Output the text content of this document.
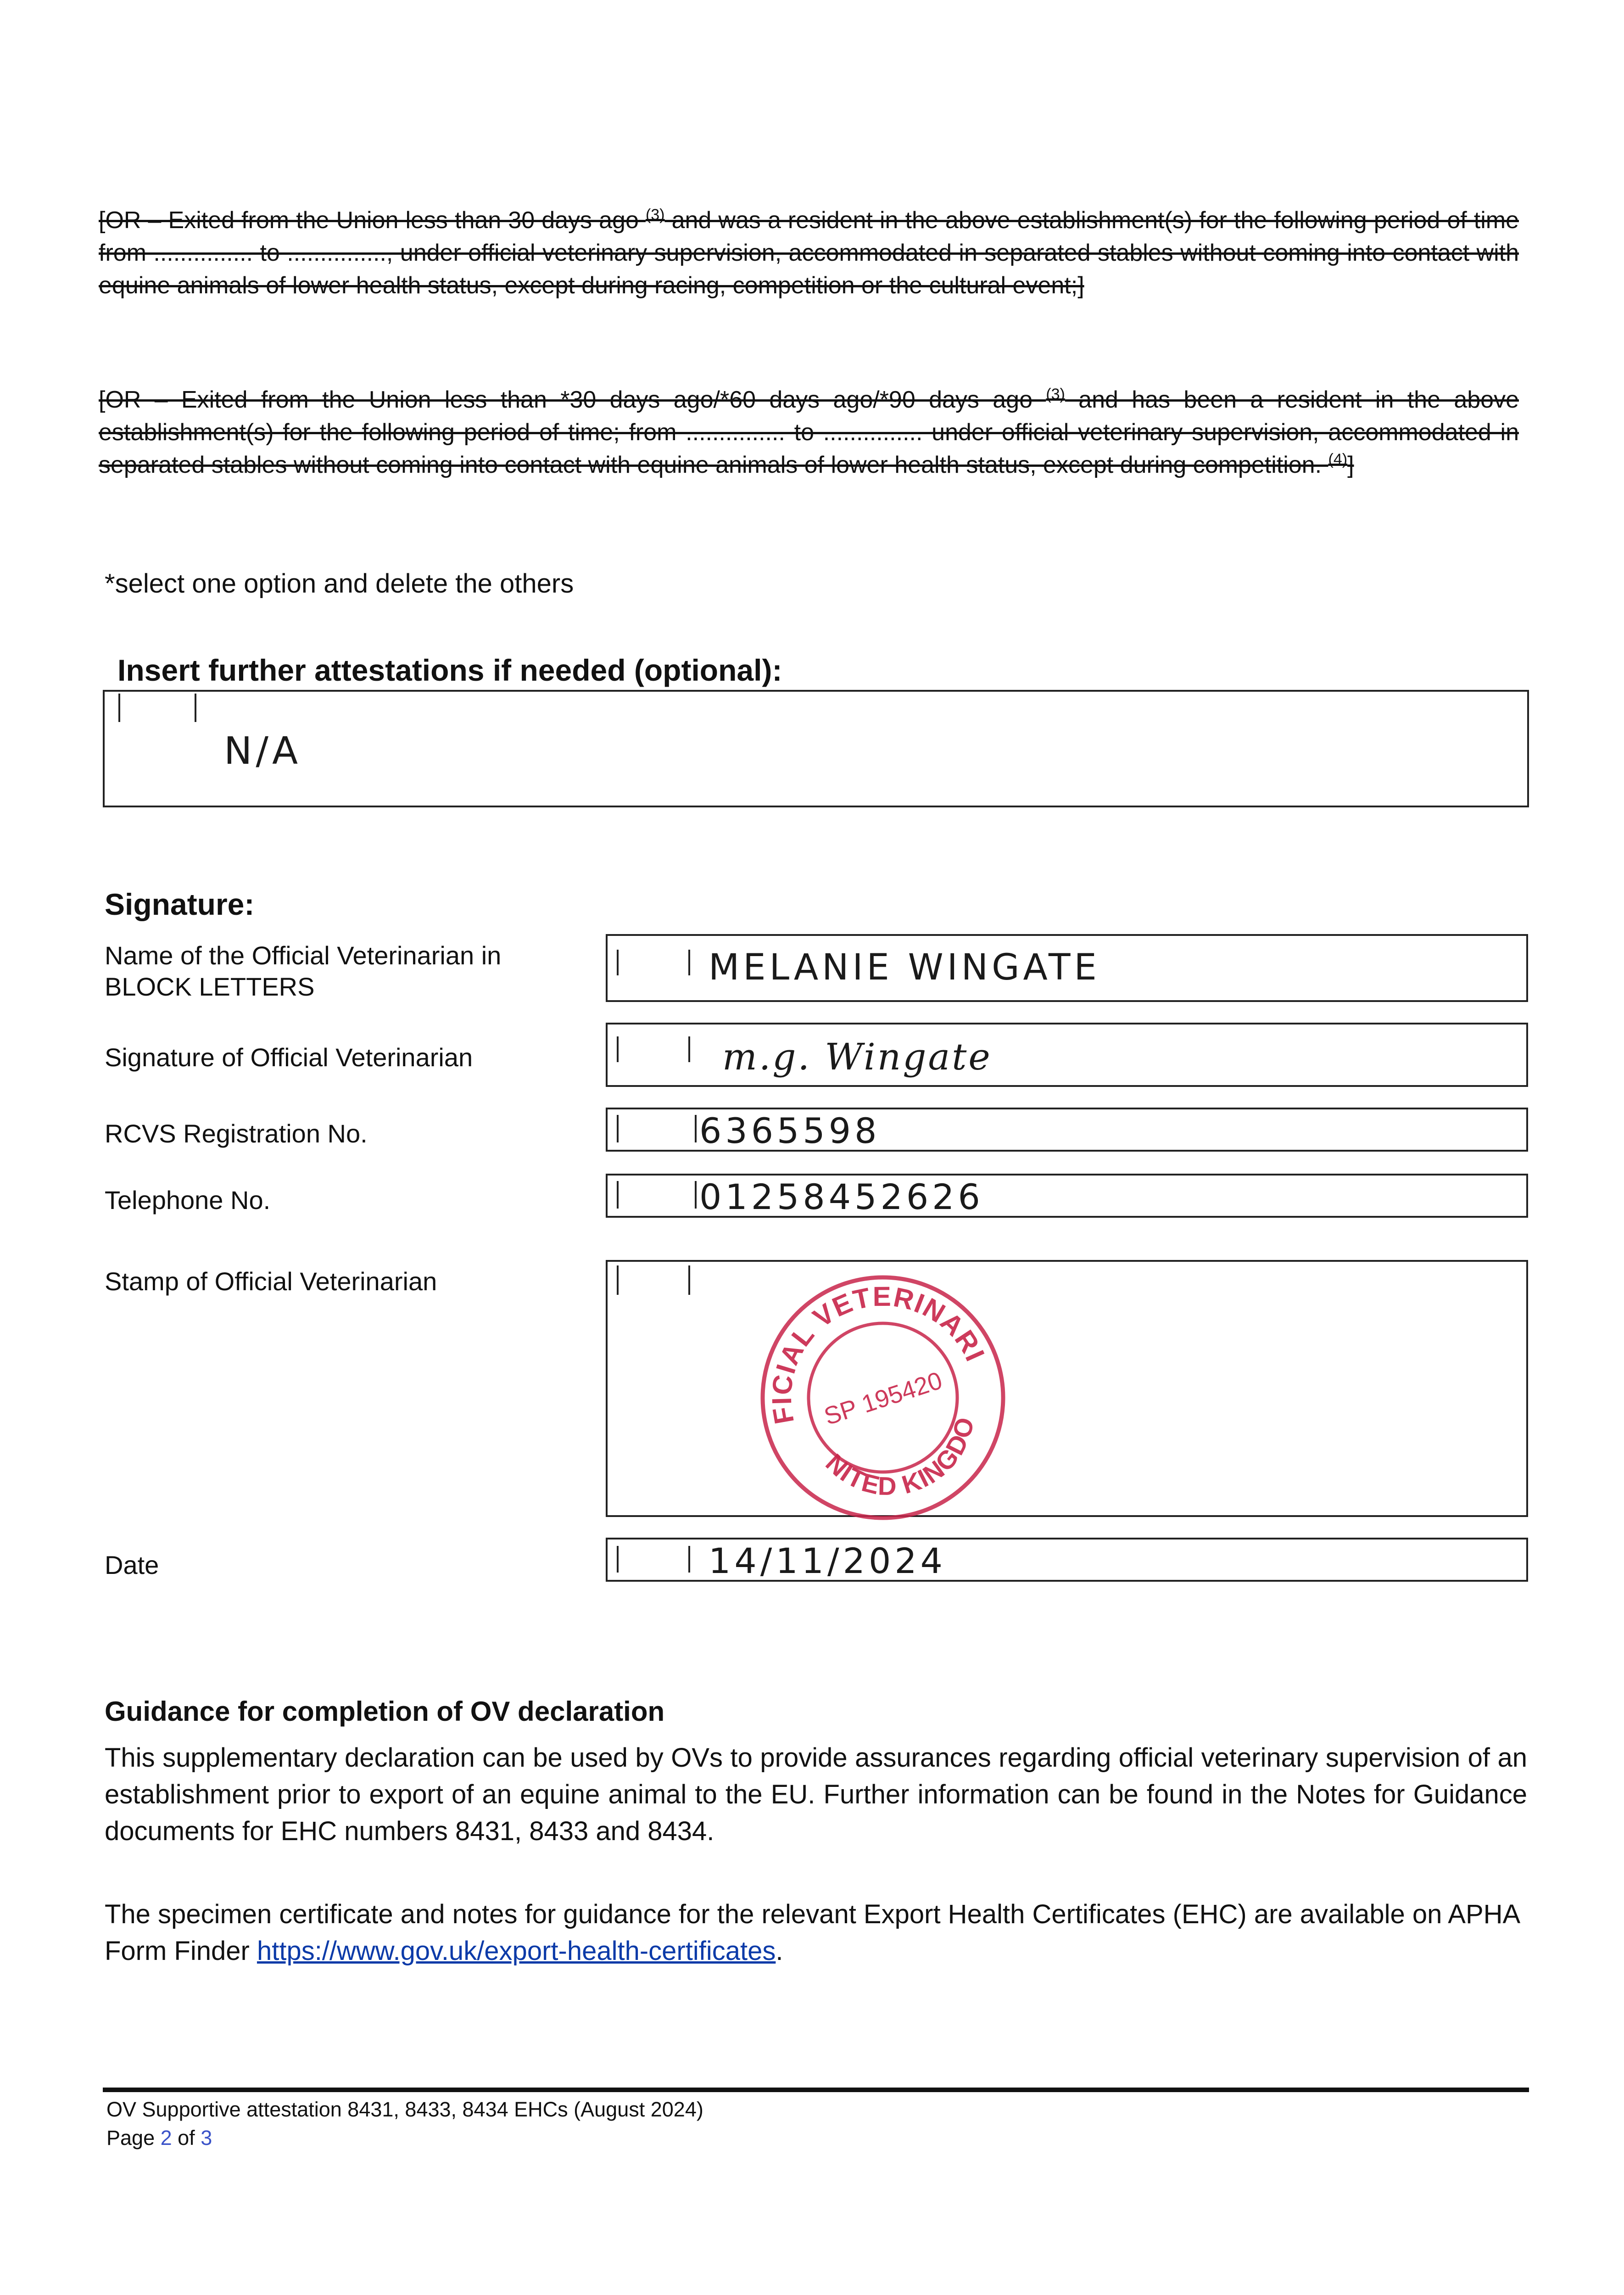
[OR – Exited from the Union less than 30 days ago $^{(3)}$ and was a resident in the above establishment(s) for the following period of time from ............... to ..............., under official veterinary supervision, accommodated in separated stables without coming into contact with equine animals of lower health status, except during racing, competition or the cultural event;]
[OR – Exited from the Union less than *30 days ago/*60 days ago/*90 days ago $^{(3)}$ and has been a resident in the above establishment(s) for the following period of time; from ............... to ............... under official veterinary supervision, accommodated in separated stables without coming into contact with equine animals of lower health status, except during competition. $^{(4)}$]
*select one option and delete the others
Insert further attestations if needed (optional):
N/A
Signature:
Name of the Official Veterinarian in BLOCK LETTERS	MELANIE WINGATE
Signature of Official Veterinarian	m.g. Wingate
RCVS Registration No.	6365598
Telephone No.	01258452626
Stamp of Official Veterinarian
OFFICIAL VETERINARIAN
UNITED KINGDOM
SP 195420
Date	14/11/2024
Guidance for completion of OV declaration
This supplementary declaration can be used by OVs to provide assurances regarding official veterinary supervision of an establishment prior to export of an equine animal to the EU. Further information can be found in the Notes for Guidance documents for EHC numbers 8431, 8433 and 8434.
The specimen certificate and notes for guidance for the relevant Export Health Certificates (EHC) are available on APHA Form Finder https://www.gov.uk/export-health-certificates.
OV Supportive attestation 8431, 8433, 8434 EHCs (August 2024)
Page 2 of 3
